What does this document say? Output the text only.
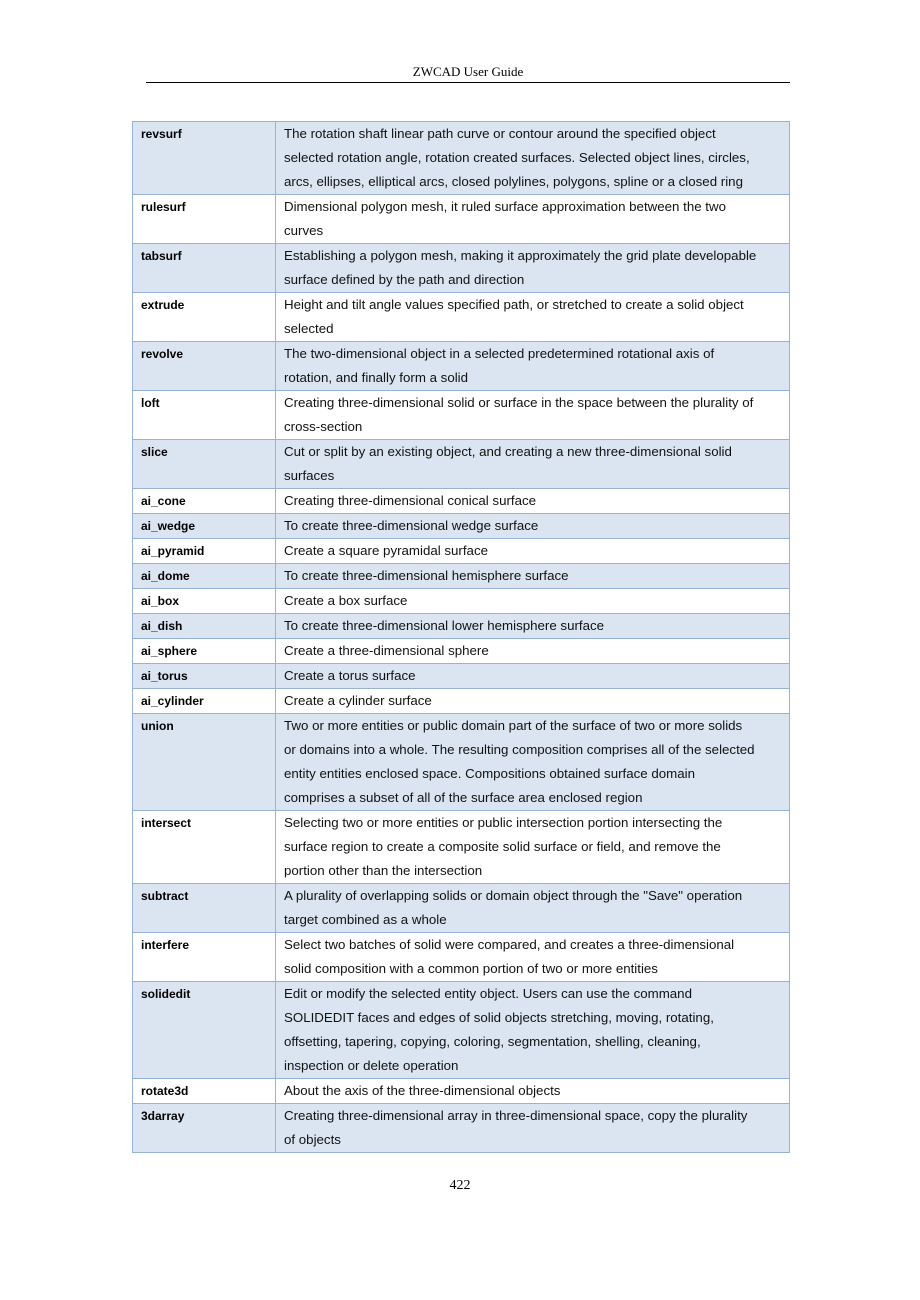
ZWCAD User Guide
revsurf	The rotation shaft linear path curve or contour around the specified object
selected rotation angle, rotation created surfaces. Selected object lines, circles,
arcs, ellipses, elliptical arcs, closed polylines, polygons, spline or a closed ring

rulesurf	Dimensional polygon mesh, it ruled surface approximation between the two
curves

tabsurf	Establishing a polygon mesh, making it approximately the grid plate developable
surface defined by the path and direction

extrude	Height and tilt angle values specified path, or stretched to create a solid object
selected

revolve	The two-dimensional object in a selected predetermined rotational axis of
rotation, and finally form a solid

loft	Creating three-dimensional solid or surface in the space between the plurality of
cross-section

slice	Cut or split by an existing object, and creating a new three-dimensional solid
surfaces

ai_cone	Creating three-dimensional conical surface

ai_wedge	To create three-dimensional wedge surface

ai_pyramid	Create a square pyramidal surface

ai_dome	To create three-dimensional hemisphere surface

ai_box	Create a box surface

ai_dish	To create three-dimensional lower hemisphere surface

ai_sphere	Create a three-dimensional sphere

ai_torus	Create a torus surface

ai_cylinder	Create a cylinder surface

union	Two or more entities or public domain part of the surface of two or more solids
or domains into a whole. The resulting composition comprises all of the selected
entity entities enclosed space. Compositions obtained surface domain
comprises a subset of all of the surface area enclosed region

intersect	Selecting two or more entities or public intersection portion intersecting the
surface region to create a composite solid surface or field, and remove the
portion other than the intersection

subtract	A plurality of overlapping solids or domain object through the "Save" operation
target combined as a whole

interfere	Select two batches of solid were compared, and creates a three-dimensional
solid composition with a common portion of two or more entities

solidedit	Edit or modify the selected entity object. Users can use the command
SOLIDEDIT faces and edges of solid objects stretching, moving, rotating,
offsetting, tapering, copying, coloring, segmentation, shelling, cleaning,
inspection or delete operation

rotate3d	About the axis of the three-dimensional objects

3darray	Creating three-dimensional array in three-dimensional space, copy the plurality
of objects
422
